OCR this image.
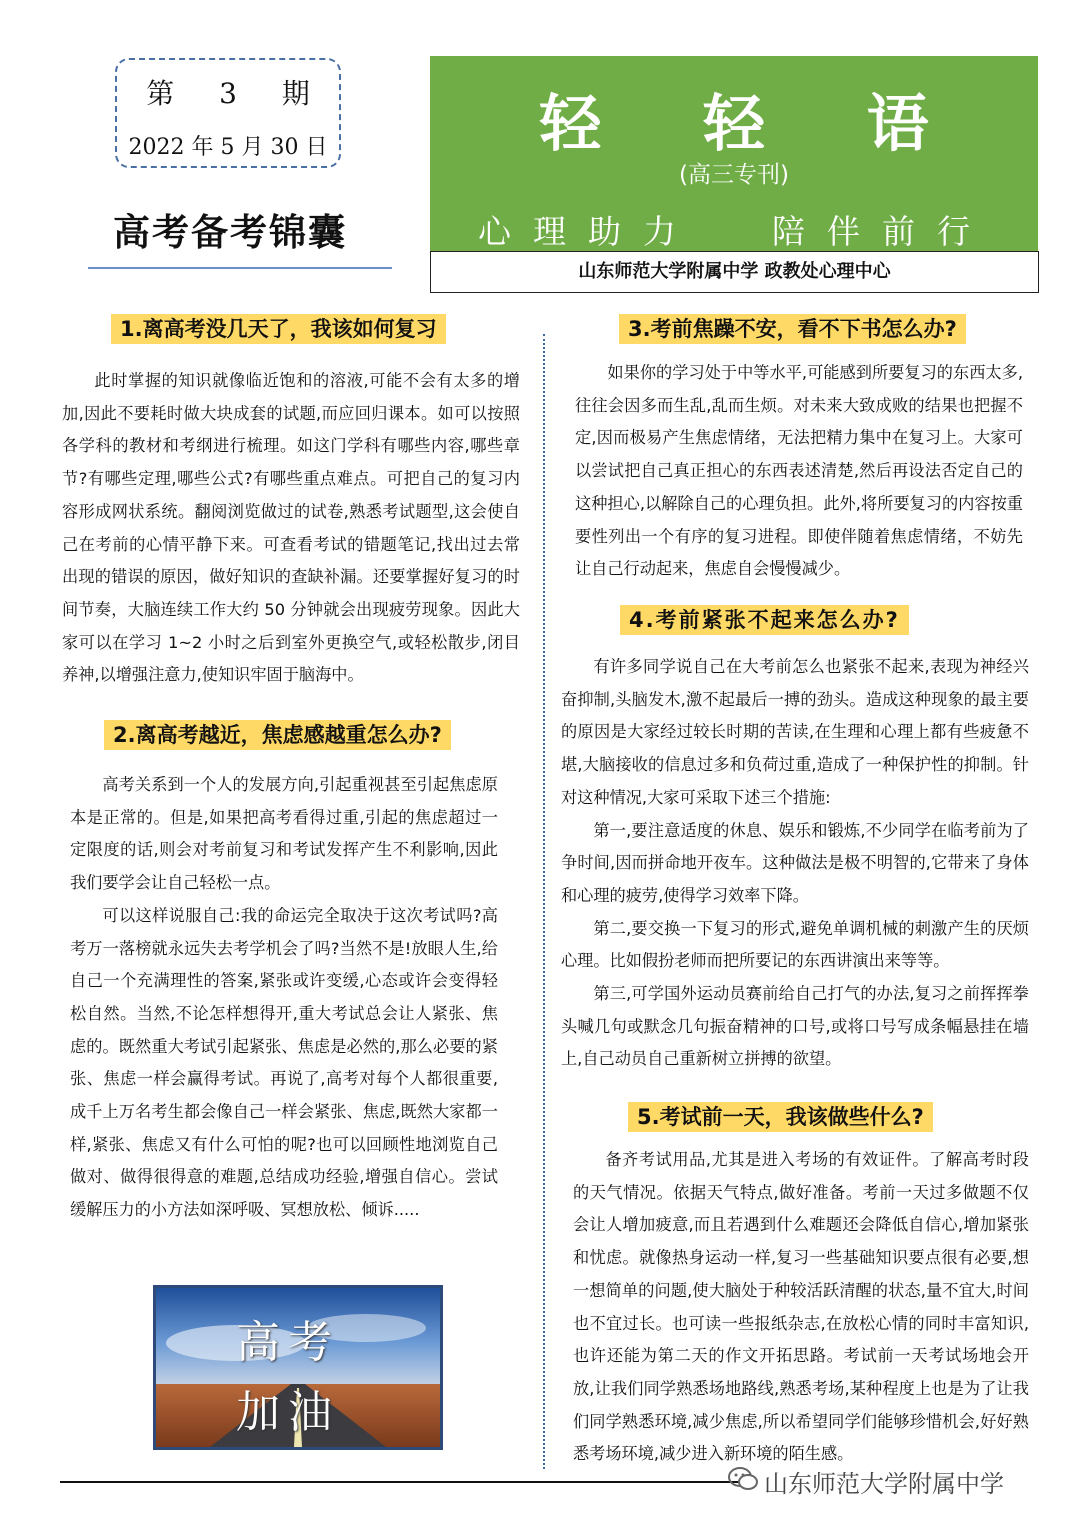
第 3 期
2022 年 5 月 30 日
高考备考锦囊
轻 轻 语
(高三专刊)
心理助力 陪伴前行
山东师范大学附属中学 政教处心理中心
1.离高考没几天了，我该如何复习

此时掌握的知识就像临近饱和的溶液,可能不会有太多的增加,因此不要耗时做大块成套的试题,而应回归课本。如可以按照各学科的教材和考纲进行梳理。如这门学科有哪些内容,哪些章节?有哪些定理,哪些公式?有哪些重点难点。可把自己的复习内容形成网状系统。翻阅浏览做过的试卷,熟悉考试题型,这会使自己在考前的心情平静下来。可查看考试的错题笔记,找出过去常出现的错误的原因，做好知识的查缺补漏。还要掌握好复习的时间节奏，大脑连续工作大约 50 分钟就会出现疲劳现象。因此大家可以在学习 1~2 小时之后到室外更换空气,或轻松散步,闭目养神,以增强注意力,使知识牢固于脑海中。

2.离高考越近，焦虑感越重怎么办?

高考关系到一个人的发展方向,引起重视甚至引起焦虑原本是正常的。但是,如果把高考看得过重,引起的焦虑超过一定限度的话,则会对考前复习和考试发挥产生不利影响,因此我们要学会让自己轻松一点。

可以这样说服自己:我的命运完全取决于这次考试吗?高考万一落榜就永远失去考学机会了吗?当然不是!放眼人生,给自己一个充满理性的答案,紧张或许变缓,心态或许会变得轻松自然。当然,不论怎样想得开,重大考试总会让人紧张、焦虑的。既然重大考试引起紧张、焦虑是必然的,那么必要的紧张、焦虑一样会赢得考试。再说了,高考对每个人都很重要,成千上万名考生都会像自己一样会紧张、焦虑,既然大家都一样,紧张、焦虑又有什么可怕的呢?也可以回顾性地浏览自己做对、做得很得意的难题,总结成功经验,增强自信心。尝试缓解压力的小方法如深呼吸、冥想放松、倾诉.....

高考
加油
3.考前焦躁不安，看不下书怎么办?

如果你的学习处于中等水平,可能感到所要复习的东西太多,往往会因多而生乱,乱而生烦。对未来大致成败的结果也把握不定,因而极易产生焦虑情绪，无法把精力集中在复习上。大家可以尝试把自己真正担心的东西表述清楚,然后再设法否定自己的这种担心,以解除自己的心理负担。此外,将所要复习的内容按重要性列出一个有序的复习进程。即使伴随着焦虑情绪，不妨先让自己行动起来，焦虑自会慢慢减少。

4.考前紧张不起来怎么办?

有许多同学说自己在大考前怎么也紧张不起来,表现为神经兴奋抑制,头脑发木,激不起最后一搏的劲头。造成这种现象的最主要的原因是大家经过较长时期的苦读,在生理和心理上都有些疲惫不堪,大脑接收的信息过多和负荷过重,造成了一种保护性的抑制。针对这种情况,大家可采取下述三个措施:

第一,要注意适度的休息、娱乐和锻炼,不少同学在临考前为了争时间,因而拼命地开夜车。这种做法是极不明智的,它带来了身体和心理的疲劳,使得学习效率下降。

第二,要交换一下复习的形式,避免单调机械的刺激产生的厌烦心理。比如假扮老师而把所要记的东西讲演出来等等。

第三,可学国外运动员赛前给自己打气的办法,复习之前挥挥拳头喊几句或默念几句振奋精神的口号,或将口号写成条幅悬挂在墙上,自己动员自己重新树立拼搏的欲望。

5.考试前一天，我该做些什么?

备齐考试用品,尤其是进入考场的有效证件。了解高考时段的天气情况。依据天气特点,做好准备。考前一天过多做题不仅会让人增加疲意,而且若遇到什么难题还会降低自信心,增加紧张和忧虑。就像热身运动一样,复习一些基础知识要点很有必要,想一想简单的问题,使大脑处于种较活跃清醒的状态,量不宜大,时间也不宜过长。也可读一些报纸杂志,在放松心情的同时丰富知识,也许还能为第二天的作文开拓思路。考试前一天考试场地会开放,让我们同学熟悉场地路线,熟悉考场,某种程度上也是为了让我们同学熟悉环境,减少焦虑,所以希望同学们能够珍惜机会,好好熟悉考场环境,减少进入新环境的陌生感。

山东师范大学附属中学
